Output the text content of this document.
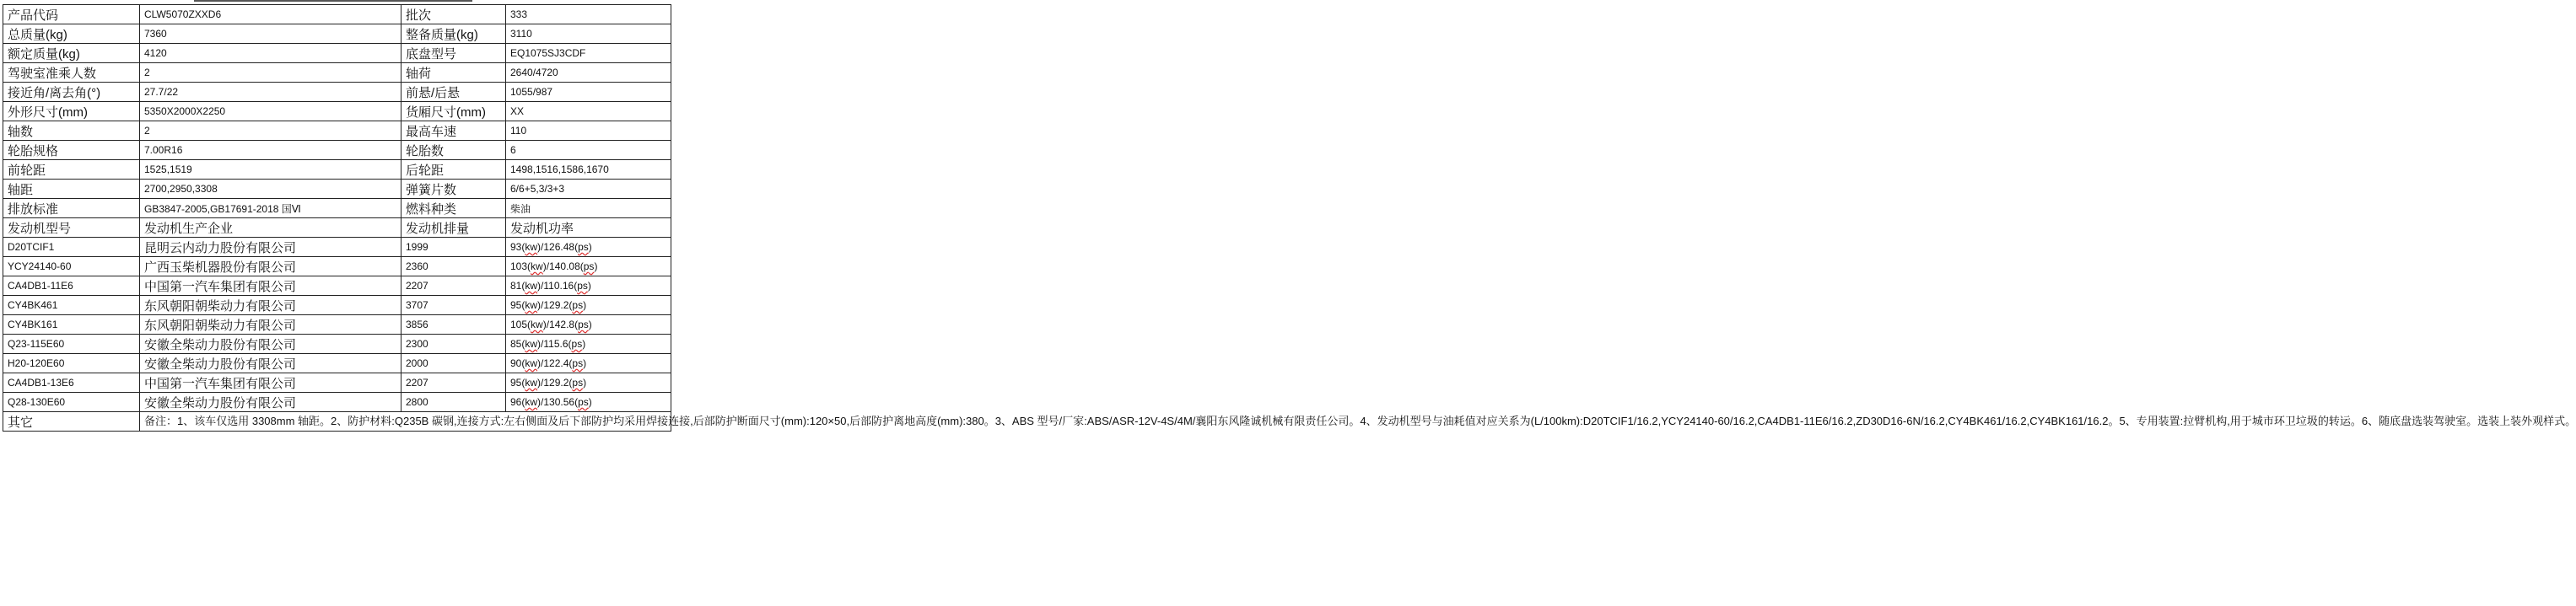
产品代码	CLW5070ZXXD6	批次	333
总质量(kg)	7360	整备质量(kg)	3110
额定质量(kg)	4120	底盘型号	EQ1075SJ3CDF
驾驶室准乘人数	2	轴荷	2640/4720
接近角/离去角(°)	27.7/22	前悬/后悬	1055/987
外形尺寸(mm)	5350X2000X2250	货厢尺寸(mm)	XX
轴数	2	最高车速	110
轮胎规格	7.00R16	轮胎数	6
前轮距	1525,1519	后轮距	1498,1516,1586,1670
轴距	2700,2950,3308	弹簧片数	6/6+5,3/3+3
排放标准	GB3847-2005,GB17691-2018 国Ⅵ	燃料种类	柴油
发动机型号	发动机生产企业	发动机排量	发动机功率
D20TCIF1	昆明云内动力股份有限公司	1999	93(kw)/126.48(ps)
YCY24140-60	广西玉柴机器股份有限公司	2360	103(kw)/140.08(ps)
CA4DB1-11E6	中国第一汽车集团有限公司	2207	81(kw)/110.16(ps)
CY4BK461	东风朝阳朝柴动力有限公司	3707	95(kw)/129.2(ps)
CY4BK161	东风朝阳朝柴动力有限公司	3856	105(kw)/142.8(ps)
Q23-115E60	安徽全柴动力股份有限公司	2300	85(kw)/115.6(ps)
H20-120E60	安徽全柴动力股份有限公司	2000	90(kw)/122.4(ps)
CA4DB1-13E6	中国第一汽车集团有限公司	2207	95(kw)/129.2(ps)
Q28-130E60	安徽全柴动力股份有限公司	2800	96(kw)/130.56(ps)
其它	备注：1、该车仅选用 3308mm 轴距。2、防护材料:Q235B 碳钢,连接方式:左右侧面及后下部防护均采用焊接连接,后部防护断面尺寸(mm):120×50,后部防护离地高度(mm):380。3、ABS 型号/厂家:ABS/ASR-12V-4S/4M/襄阳东风隆诚机械有限责任公司。4、发动机型号与油耗值对应关系为(L/100km):D20TCIF1/16.2,YCY24140-60/16.2,CA4DB1-11E6/16.2,ZD30D16-6N/16.2,CY4BK461/16.2,CY4BK161/16.2。5、专用装置:拉臂机构,用于城市环卫垃圾的转运。6、随底盘选装驾驶室。选装上装外观样式。		
